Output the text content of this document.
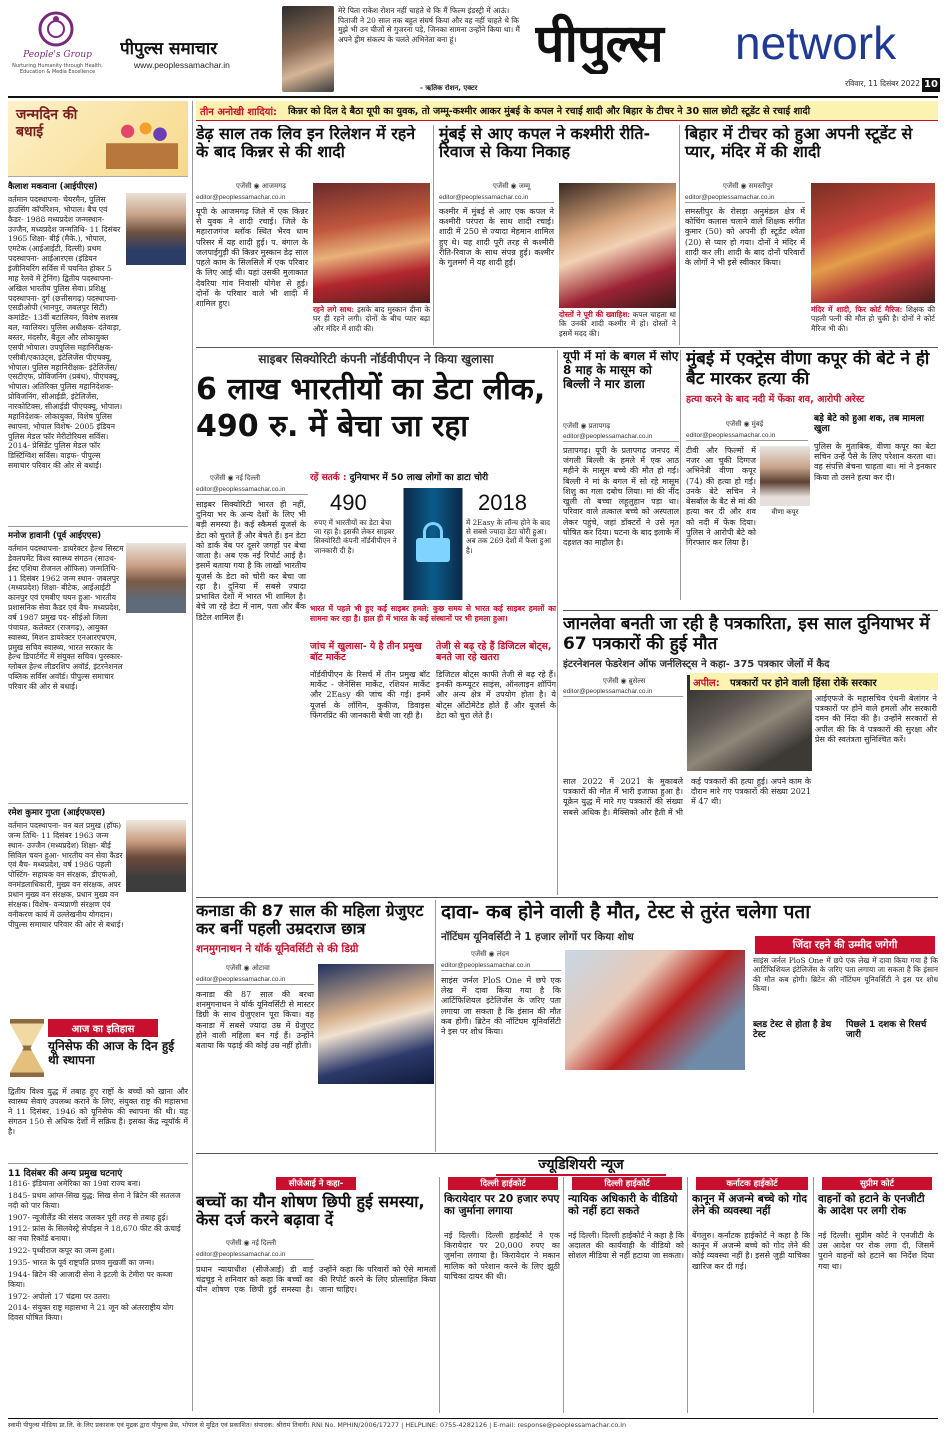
People's Group
Nurturing Humanity through Health, Education & Media Excellence
पीपुल्स समाचार
www.peoplessamachar.in
मेरे पिता राकेश रोशन नहीं चाहते थे कि मैं फिल्म इंडस्ट्री में आऊं। पिताजी ने 20 साल तक बहुत संघर्ष किया और वह नहीं चाहते थे कि मुझे भी उन चीजों से गुजरना पड़े, जिनका सामना उन्होंने किया था। मैं अपने ड्रीम संकल्प के चलते अभिनेता बना हूं।
- ऋतिक रोशन, एक्टर
पीपुल्स network
रविवार, 11 दिसंबर 2022 10
जन्मदिन की बधाई
कैलाश मकवाना (आईपीएस)
वर्तमान पदस्थापना- चेयरमैन, पुलिस हाउसिंग कॉर्पोरेशन, भोपाल। बैच एवं कैडर- 1988 मध्यप्रदेश जन्मस्थान- उज्जैन, मध्यप्रदेश जन्मतिथि- 11 दिसंबर 1965 शिक्षा- बीई (मैके.), भोपाल, एमटेक (आईआईटी, दिल्ली) प्रथम पदस्थापना- आईआरएस (इंडियन इंजीनियरिंग सर्विस में चयनित होकर 5 माह रेलवे में ट्रेनिंग) द्वितीय पदस्थापना- अखिल भारतीय पुलिस सेवा। प्रशिक्षु पदस्थापना- दुर्ग (छत्तीसगढ़) पदस्थापना- एसडीओपी (भानपुर, जबलपुर सिटी) कमांडेंट- 13वीं बटालियन, विशेष सशस्त्र बल, ग्वालियर। पुलिस अधीक्षक- दंतेवाड़ा, बस्तर, मंदसौर, बैतूल और लोकायुक्त एसपी भोपाल। उपपुलिस महानिरीक्षक- एसीबी/एकाउंट्स, इंटेलिजेंस पीएचक्यू, भोपाल। पुलिस महानिरीक्षक- इंटेलिजेंस/एसटीएफ, प्रोविजनिंग (प्रबंध), पीएचक्यू, भोपाल। अतिरिक्त पुलिस महानिदेशक- प्रोविजनिंग, सीआईडी, इंटेलिजेंस, नारकोटिक्स, सीआईडी पीएचक्यू, भोपाल। महानिदेशक- लोकायुक्त, विशेष पुलिस स्थापना, भोपाल विशेष- 2005 इंडियन पुलिस मेडल फॉर मेरीटोरियस सर्विस। 2014- प्रेसिडेंट पुलिस मेडल फॉर डिस्टिंग्विश सर्विस। वाइफ- पीपुल्स समाचार परिवार की ओर से बधाई।
मनोज हावानी (पूर्व आईएएस)
वर्तमान पदस्थापना- डायरेक्टर हेल्थ सिस्टम डेवलपमेंट विश्व स्वास्थ्य संगठन (साउथ-ईस्ट एशिया रीजनल ऑफिस) जन्मतिथि- 11 दिसंबर 1962 जन्म स्थान- जबलपुर (मध्यप्रदेश) शिक्षा- बीटेक, आईआईटी कानपुर एवं एमबीए चयन हुआ- भारतीय प्रशासनिक सेवा कैडर एवं बैच- मध्यप्रदेश, वर्ष 1987 प्रमुख पद- सीईओ जिला पंचायत, कलेक्टर (राजगढ़), आयुक्त स्वास्थ्य, मिशन डायरेक्टर एनआरएचएम, प्रमुख सचिव स्वास्थ्य, भारत सरकार के हेल्थ डिपार्टमेंट में संयुक्त सचिव। पुरस्कार- ग्लोबल हेल्थ लीडरशिप अवॉर्ड, इंटरनेशनल पब्लिक सर्विस अवॉर्ड। पीपुल्स समाचार परिवार की ओर से बधाई।
रमेश कुमार गुप्ता (आईएफएस)
वर्तमान पदस्थापना- वन बल प्रमुख (हॉफ) जन्म तिथि- 11 दिसंबर 1963 जन्म स्थान- उज्जैन (मध्यप्रदेश) शिक्षा- बीई सिविल चयन हुआ- भारतीय वन सेवा कैडर एवं बैच- मध्यप्रदेश, वर्ष 1986 पहली पोस्टिंग- सहायक वन संरक्षक, डीएफओ, वनमंडलाधिकारी, मुख्य वन संरक्षक, अपर प्रधान मुख्य वन संरक्षक, प्रधान मुख्य वन संरक्षक। विशेष- वन्यप्राणी संरक्षण एवं वनीकरण कार्य में उल्लेखनीय योगदान। पीपुल्स समाचार परिवार की ओर से बधाई।
आज का इतिहास
यूनिसेफ की आज के दिन हुई थी स्थापना
द्वितीय विश्व युद्ध में तबाह हुए राष्ट्रों के बच्चों को खाना और स्वास्थ्य सेवाएं उपलब्ध कराने के लिए, संयुक्त राष्ट्र की महासभा ने 11 दिसंबर, 1946 को यूनिसेफ की स्थापना की थी। यह संगठन 150 से अधिक देशों में सक्रिय है। इसका केंद्र न्यूयॉर्क में है।
11 दिसंबर की अन्य प्रमुख घटनाएं
1816- इंडियाना अमेरिका का 19वां राज्य बना।
1845- प्रथम आंग्ल-सिख युद्ध: सिख सेना ने ब्रिटेन की सतलज नदी को पार किया।
1907- न्यूजीलैंड की संसद जलकर पूरी तरह से तबाह हुई।
1912- फ्रांस के सिलवेस्ट्रे सेर्पाइस ने 18,670 फीट की ऊंचाई का नया रिकॉर्ड बनाया।
1922- पृथ्वीराज कपूर का जन्म हुआ।
1935- भारत के पूर्व राष्ट्रपति प्रणव मुखर्जी का जन्म।
1944- ब्रिटेन की आजादी सेना ने इटली के टेमीरा पर कब्जा किया।
1972- अपोलो 17 चंद्रमा पर उतरा।
2014- संयुक्त राष्ट्र महासभा ने 21 जून को अंतरराष्ट्रीय योग दिवस घोषित किया।
तीन अनोखी शादियां: किन्नर को दिल दे बैठा यूपी का युवक, तो जम्मू-कश्मीर आकर मुंबई के कपल ने रचाई शादी और बिहार के टीचर ने 30 साल छोटी स्टूडेंट से रचाई शादी
डेढ़ साल तक लिव इन रिलेशन में रहने के बाद किन्नर से की शादी
एजेंसी ◉ आजमगढ़
editor@peoplessamachar.co.in
यूपी के आजमगढ़ जिले में एक किन्नर से युवक ने शादी रचाई। जिले के महाराजगंज ब्लॉक स्थित भैरव धाम परिसर में यह शादी हुई। प. बंगाल के जलपाईगुड़ी की किन्नर मुस्कान डेढ़ साल पहले काम के सिलसिले में एक परिवार के लिए आई थी। यहां उसकी मुलाकात देवरिया गांव निवासी योगेश से हुई। दोनों के परिवार वाले भी शादी में शामिल हुए।
रहने लगे साथ: इसके बाद मुस्कान दीना के घर ही रहने लगी। दोनों के बीच प्यार बढ़ा और मंदिर में शादी की।
मुंबई से आए कपल ने कश्मीरी रीति-रिवाज से किया निकाह
एजेंसी ◉ जम्मू
editor@peoplessamachar.co.in
कश्मीर में मुंबई से आए एक कपल ने कश्मीरी परंपरा के साथ शादी रचाई। शादी में 250 से ज्यादा मेहमान शामिल हुए थे। यह शादी पूरी तरह से कश्मीरी रीति-रिवाज के साथ संपन्न हुई। कश्मीर के गुलमर्ग में यह शादी हुई।
दोस्तों ने पूरी की ख्वाहिश: कपल चाहता था कि उनकी शादी कश्मीर में हो। दोस्तों ने इसमें मदद की।
बिहार में टीचर को हुआ अपनी स्टूडेंट से प्यार, मंदिर में की शादी
एजेंसी ◉ समस्तीपुर
editor@peoplessamachar.co.in
समस्तीपुर के रोसड़ा अनुमंडल क्षेत्र में कोचिंग कलास चलाने वाले शिक्षक संगीत कुमार (50) को अपनी ही स्टूडेंट श्वेता (20) से प्यार हो गया। दोनों ने मंदिर में शादी कर ली। शादी के बाद दोनों परिवारों के लोगों ने भी इसे स्वीकार किया।
मंदिर में शादी, फिर कोर्ट मैरिज: शिक्षक की पहली पत्नी की मौत हो चुकी है। दोनों ने कोर्ट मैरिज भी की।
साइबर सिक्योरिटी कंपनी नॉर्डवीपीएन ने किया खुलासा
6 लाख भारतीयों का डेटा लीक, 490 रु. में बेचा जा रहा
रहें सतर्क : दुनियाभर में 50 लाख लोगों का डाटा चोरी
एजेंसी ◉ नई दिल्ली
editor@peoplessamachar.co.in
साइबर सिक्योरिटी भारत ही नहीं, दुनिया भर के अन्य देशों के लिए भी बड़ी समस्या है। कई स्कैमर्स यूजर्स के डेटा को चुराते हैं और बेचते हैं। इन डेटा को डार्क वेब पर दूसरे जगहों पर बेचा जाता है। अब एक नई रिपोर्ट आई है। इसमें बताया गया है कि लाखों भारतीय यूजर्स के डेटा को चोरी कर बेचा जा रहा है। दुनिया में सबसे ज्यादा प्रभावित देशों में भारत भी शामिल है। बेचे जा रहे डेटा में नाम, पता और बैंक डिटेल शामिल हैं।
490
रुपए में भारतीयों का डेटा बेचा जा रहा है। इसकी लेकर साइबर सिक्योरिटी कंपनी नॉर्डवीपीएन ने जानकारी दी है।
2018
में 2Easy के लॉन्च होने के बाद से सबसे ज्यादा डेटा चोरी हुआ। अब तक 269 देशों में फैला हुआ है।
भारत में पहले भी हुए कई साइबर हमले: कुछ समय से भारत कई साइबर हमलों का सामना कर रहा है। हाल ही में भारत के कई संस्थानों पर भी हमला हुआ।
जांच में खुलासा- ये है तीन प्रमुख बॉट मार्केट
नॉर्डवीपीएन के रिसर्च में तीन प्रमुख बॉट मार्केट - जेनेसिस मार्केट, रशियन मार्केट और 2Easy की जांच की गई। इनमें यूजर्स के लॉगिन, कुकीज, डिवाइस फिंगरप्रिंट की जानकारी बेची जा रही है।
तेजी से बढ़ रहे हैं डिजिटल बोट्स, बनते जा रहे खतरा
डिजिटल बोट्स काफी तेजी से बढ़ रहे हैं। इनकी कम्प्यूटर साइंस, ऑनलाइन शॉपिंग और अन्य क्षेत्र में उपयोग होता है। ये बोट्स ऑटोमेटेड होते हैं और यूजर्स के डेटा को चुरा लेते हैं।
यूपी में मां के बगल में सोए 8 माह के मासूम को बिल्ली ने मार डाला
एजेंसी ◉ प्रतापगढ़
editor@peoplessamachar.co.in
प्रतापगढ़। यूपी के प्रतापगढ़ जनपद में जंगली बिल्ली के हमले में एक आठ महीने के मासूम बच्चे की मौत हो गई। बिल्ली ने मां के बगल में सो रहे मासूम शिशु का गला दबोच लिया। मां की नींद खुली तो बच्चा लहूलुहान पड़ा था। परिवार वाले तत्काल बच्चे को अस्पताल लेकर पहुंचे, जहां डॉक्टरों ने उसे मृत घोषित कर दिया। घटना के बाद इलाके में दहशत का माहौल है।
मुंबई में एक्ट्रेस वीणा कपूर की बेटे ने ही बैट मारकर हत्या की
हत्या करने के बाद नदी में फेंका शव, आरोपी अरेस्ट
बड़े बेटे को हुआ शक, तब मामला खुला
एजेंसी ◉ मुंबई
editor@peoplessamachar.co.in
टीवी और फिल्मों में नजर आ चुकी दिग्गज अभिनेत्री वीणा कपूर (74) की हत्या हो गई। उनके बेटे सचिन ने बेसबॉल के बैट से मां की हत्या कर दी और शव को नदी में फेंक दिया। पुलिस ने आरोपी बेटे को गिरफ्तार कर लिया है।
वीणा कपूर
पुलिस के मुताबिक, वीणा कपूर का बेटा सचिन उन्हें पैसे के लिए परेशान करता था। वह संपत्ति बेचना चाहता था। मां ने इनकार किया तो उसने हत्या कर दी।
जानलेवा बनती जा रही है पत्रकारिता, इस साल दुनियाभर में 67 पत्रकारों की हुई मौत
इंटरनेशनल फेडरेशन ऑफ जर्नलिस्ट्स ने कहा- 375 पत्रकार जेलों में कैद
एजेंसी ◉ ब्रुसेल्स
editor@peoplessamachar.co.in
साल 2022 में 2021 के मुकाबले पत्रकारों की मौत में भारी इजाफा हुआ है। यूक्रेन युद्ध में मारे गए पत्रकारों की संख्या सबसे अधिक है। मैक्सिको और हैती में भी कई पत्रकारों की हत्या हुई। अपने काम के दौरान मारे गए पत्रकारों की संख्या 2021 में 47 थी।
अपील: पत्रकारों पर होने वाली हिंसा रोकें सरकार
आईएफजे के महासचिव एंथनी बेलांगर ने पत्रकारों पर होने वाले हमलों और सरकारी दमन की निंदा की है। उन्होंने सरकारों से अपील की कि वे पत्रकारों की सुरक्षा और प्रेस की स्वतंत्रता सुनिश्चित करें।
कनाडा की 87 साल की महिला ग्रेजुएट कर बनीं पहली उम्रदराज छात्र
शनमुगनाथन ने यॉर्क यूनिवर्सिटी से की डिग्री
एजेंसी ◉ ओटावा
editor@peoplessamachar.co.in
कनाडा की 87 साल की बरथा शनमुगनाथन ने यॉर्क यूनिवर्सिटी से मास्टर डिग्री के साथ ग्रेजुएशन पूरा किया। वह कनाडा में सबसे ज्यादा उम्र में ग्रेजुएट होने वाली महिला बन गई हैं। उन्होंने बताया कि पढ़ाई की कोई उम्र नहीं होती।
दावा- कब होने वाली है मौत, टेस्ट से तुरंत चलेगा पता
नॉटिंघम यूनिवर्सिटी ने 1 हजार लोगों पर किया शोध
एजेंसी ◉ लंदन
editor@peoplessamachar.co.in
साइंस जर्नल PloS One में छपे एक लेख में दावा किया गया है कि आर्टिफिशियल इंटेलिजेंस के जरिए पता लगाया जा सकता है कि इंसान की मौत कब होगी। ब्रिटेन की नॉटिंघम यूनिवर्सिटी ने इस पर शोध किया।
जिंदा रहने की उम्मीद जगेगी
ब्लड टेस्ट से होता है डेथ टेस्ट
पिछले 1 दशक से रिसर्च जारी
साइंस जर्नल PloS One में छपे एक लेख में दावा किया गया है कि आर्टिफिशियल इंटेलिजेंस के जरिए पता लगाया जा सकता है कि इंसान की मौत कब होगी। ब्रिटेन की नॉटिंघम यूनिवर्सिटी ने इस पर शोध किया।
ज्यूडिशियरी न्यूज
सीजेआई ने कहा-
बच्चों का यौन शोषण छिपी हुई समस्या, केस दर्ज करने बढ़ावा दें
एजेंसी ◉ नई दिल्ली
editor@peoplessamachar.co.in
प्रधान न्यायाधीश (सीजेआई) डी वाई चंद्रचूड़ ने शनिवार को कहा कि बच्चों का यौन शोषण एक छिपी हुई समस्या है। उन्होंने कहा कि परिवारों को ऐसे मामलों की रिपोर्ट करने के लिए प्रोत्साहित किया जाना चाहिए।
दिल्ली हाईकोर्ट
किरायेदार पर 20 हजार रुपए का जुर्माना लगाया
नई दिल्ली। दिल्ली हाईकोर्ट ने एक किरायेदार पर 20,000 रुपए का जुर्माना लगाया है। किरायेदार ने मकान मालिक को परेशान करने के लिए झूठी याचिका दायर की थी।
दिल्ली हाईकोर्ट
न्यायिक अधिकारी के वीडियो को नहीं हटा सकते
नई दिल्ली। दिल्ली हाईकोर्ट ने कहा है कि अदालत की कार्यवाही के वीडियो को सोशल मीडिया से नहीं हटाया जा सकता।
कर्नाटक हाईकोर्ट
कानून में अजन्मे बच्चे को गोद लेने की व्यवस्था नहीं
बेंगलुरु। कर्नाटक हाईकोर्ट ने कहा है कि कानून में अजन्मे बच्चे को गोद लेने की कोई व्यवस्था नहीं है। इससे जुड़ी याचिका खारिज कर दी गई।
सुप्रीम कोर्ट
वाहनों को हटाने के एनजीटी के आदेश पर लगी रोक
नई दिल्ली। सुप्रीम कोर्ट ने एनजीटी के उस आदेश पर रोक लगा दी, जिसमें पुराने वाहनों को हटाने का निर्देश दिया गया था।
स्वामी पीपुल्स मीडिया प्रा.लि. के लिए प्रकाशक एवं मुद्रक द्वारा पीपुल्स प्रेस, भोपाल से मुद्रित एवं प्रकाशित। संपादक: श्रीराम तिवारी। RNI No. MPHIN/2006/17277 | HELPLINE: 0755-4282126 | E-mail: response@peoplessamachar.co.in
